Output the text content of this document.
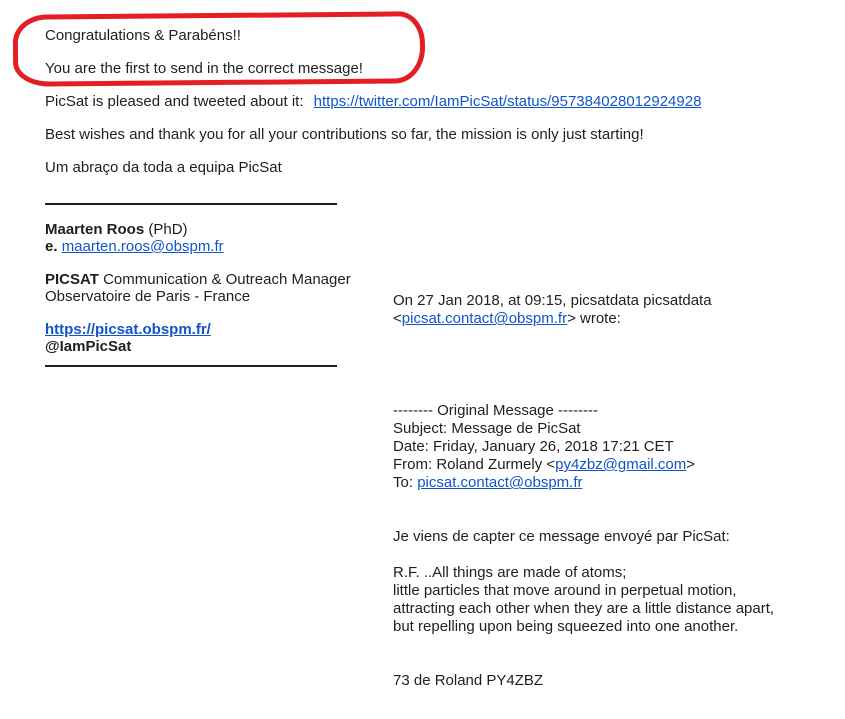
Congratulations & Parabéns!!

You are the first to send in the correct message!

PicSat is pleased and tweeted about it: https://twitter.com/IamPicSat/status/957384028012924928

Best wishes and thank you for all your contributions so far, the mission is only just starting!

Um abraço da toda a equipa PicSat

Maarten Roos (PhD)
e. maarten.roos@obspm.fr
PICSAT Communication & Outreach Manager
Observatoire de Paris - France
https://picsat.obspm.fr/
@IamPicSat
On 27 Jan 2018, at 09:15, picsatdata picsatdata
<picsat.contact@obspm.fr> wrote:
-------- Original Message --------
Subject: Message de PicSat
Date: Friday, January 26, 2018 17:21 CET
From: Roland Zurmely <py4zbz@gmail.com>
To: picsat.contact@obspm.fr
Je viens de capter ce message envoyé par PicSat:
R.F. ..All things are made of atoms;
little particles that move around in perpetual motion,
attracting each other when they are a little distance apart,
but repelling upon being squeezed into one another.
73 de Roland PY4ZBZ
